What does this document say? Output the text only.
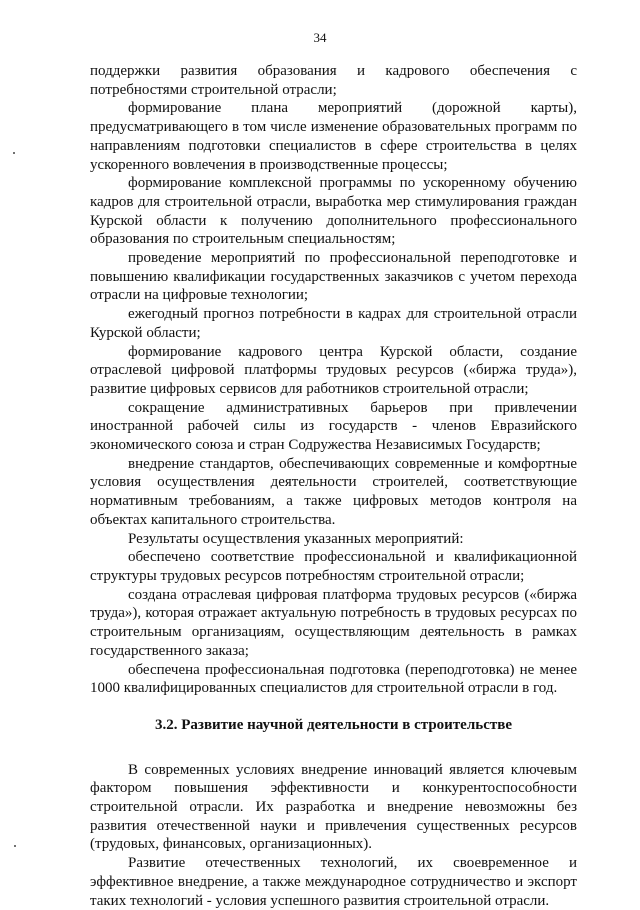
34

поддержки развития образования и кадрового обеспечения с потребностями строительной отрасли;

формирование плана мероприятий (дорожной карты), предусматривающего в том числе изменение образовательных программ по направлениям подготовки специалистов в сфере строительства в целях ускоренного вовлечения в производственные процессы;

формирование комплексной программы по ускоренному обучению кадров для строительной отрасли, выработка мер стимулирования граждан Курской области к получению дополнительного профессионального образования по строительным специальностям;

проведение мероприятий по профессиональной переподготовке и повышению квалификации государственных заказчиков с учетом перехода отрасли на цифровые технологии;

ежегодный прогноз потребности в кадрах для строительной отрасли Курской области;

формирование кадрового центра Курской области, создание отраслевой цифровой платформы трудовых ресурсов («биржа труда»), развитие цифровых сервисов для работников строительной отрасли;

сокращение административных барьеров при привлечении иностранной рабочей силы из государств - членов Евразийского экономического союза и стран Содружества Независимых Государств;

внедрение стандартов, обеспечивающих современные и комфортные условия осуществления деятельности строителей, соответствующие нормативным требованиям, а также цифровых методов контроля на объектах капитального строительства.

Результаты осуществления указанных мероприятий:

обеспечено соответствие профессиональной и квалификационной структуры трудовых ресурсов потребностям строительной отрасли;

создана отраслевая цифровая платформа трудовых ресурсов («биржа труда»), которая отражает актуальную потребность в трудовых ресурсах по строительным организациям, осуществляющим деятельность в рамках государственного заказа;

обеспечена профессиональная подготовка (переподготовка) не менее 1000 квалифицированных специалистов для строительной отрасли в год.

3.2. Развитие научной деятельности в строительстве

В современных условиях внедрение инноваций является ключевым фактором повышения эффективности и конкурентоспособности строительной отрасли. Их разработка и внедрение невозможны без развития отечественной науки и привлечения существенных ресурсов (трудовых, финансовых, организационных).

Развитие отечественных технологий, их своевременное и эффективное внедрение, а также международное сотрудничество и экспорт таких технологий - условия успешного развития строительной отрасли.
